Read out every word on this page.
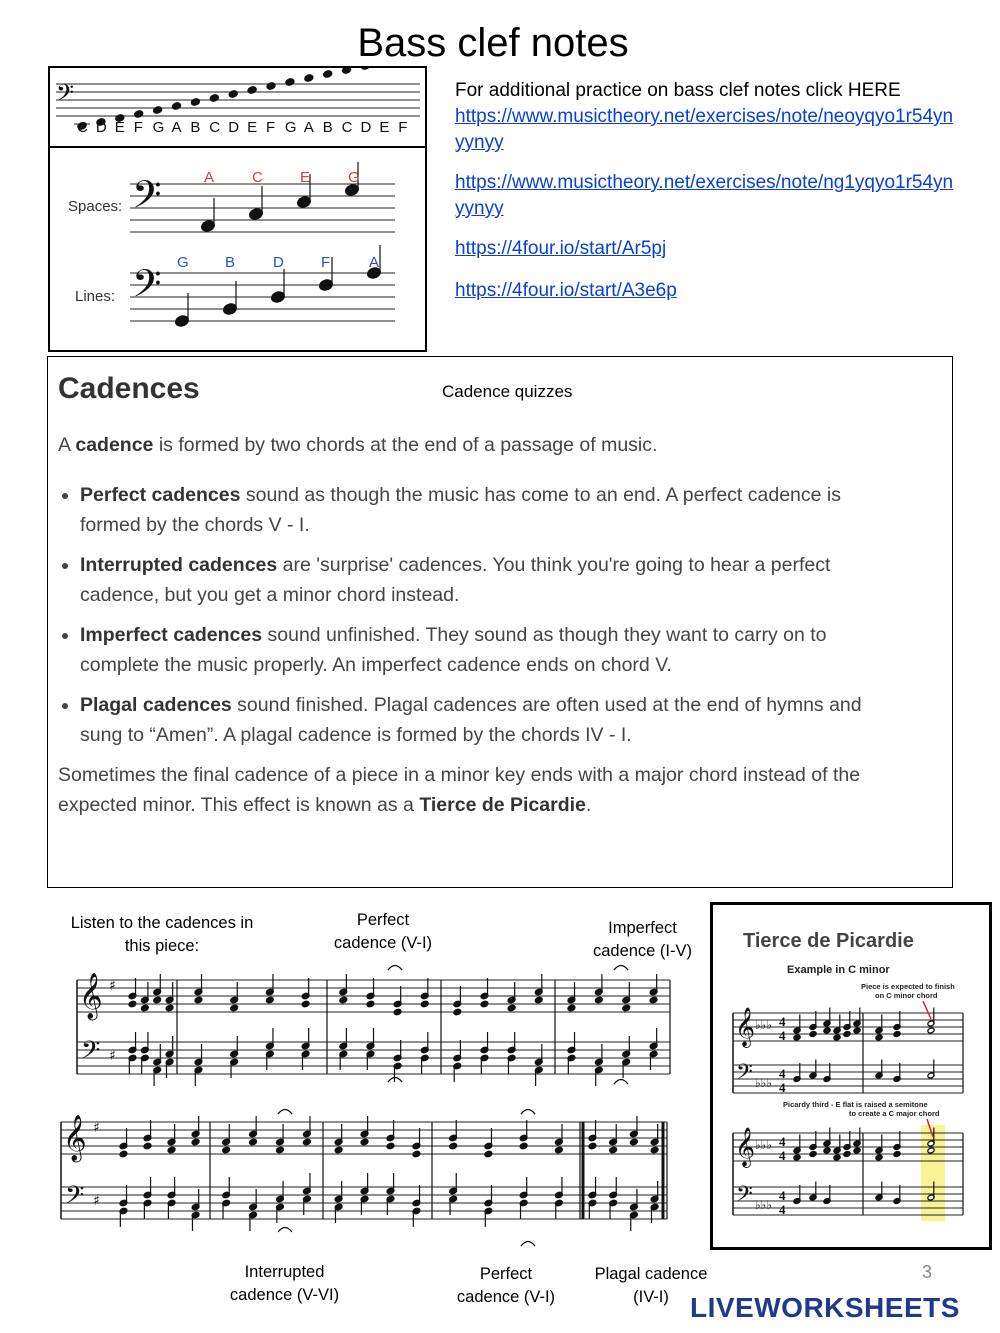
Bass clef notes
𝄢
C D E F G A B C D E F G A B C D E F
Spaces: 𝄢	A	C E	G
Lines: 𝄢 G B	D F	A
For additional practice on bass clef notes click HERE
https://www.musictheory.net/exercises/note/neoyqyo1r54ynyynyy
https://www.musictheory.net/exercises/note/ng1yqyo1r54ynyynyy
https://4four.io/start/Ar5pj
https://4four.io/start/A3e6p
Cadences	Cadence quizzes

A cadence is formed by two chords at the end of a passage of music.

• Perfect cadences sound as though the music has come to an end. A perfect cadence is formed by the chords V - I.
• Interrupted cadences are 'surprise' cadences. You think you're going to hear a perfect cadence, but you get a minor chord instead.
• Imperfect cadences sound unfinished. They sound as though they want to carry on to complete the music properly. An imperfect cadence ends on chord V.
• Plagal cadences sound finished. Plagal cadences are often used at the end of hymns and sung to “Amen”. A plagal cadence is formed by the chords IV - I.

Sometimes the final cadence of a piece in a minor key ends with a major chord instead of the expected minor. This effect is known as a Tierce de Picardie.

Listen to the cadences in this piece:
Perfect cadence (V-I)
Imperfect cadence (I-V)
Interrupted cadence (V-VI)
Perfect cadence (V-I)
Plagal cadence (IV-I)
𝄞
𝄢
♯
♯
𝄞
𝄢
♯
♯
Tierce de Picardie
Example in C minor
Piece is expected to finish on C minor chord
Picardy third - E flat is raised a semitone to create a C major chord
𝄞
𝄢
♭♭♭
♭♭♭
4
4
4
4
𝄞
𝄢
♭♭♭
♭♭♭
4
4
4
4
3
LIVEWORKSHEETS
